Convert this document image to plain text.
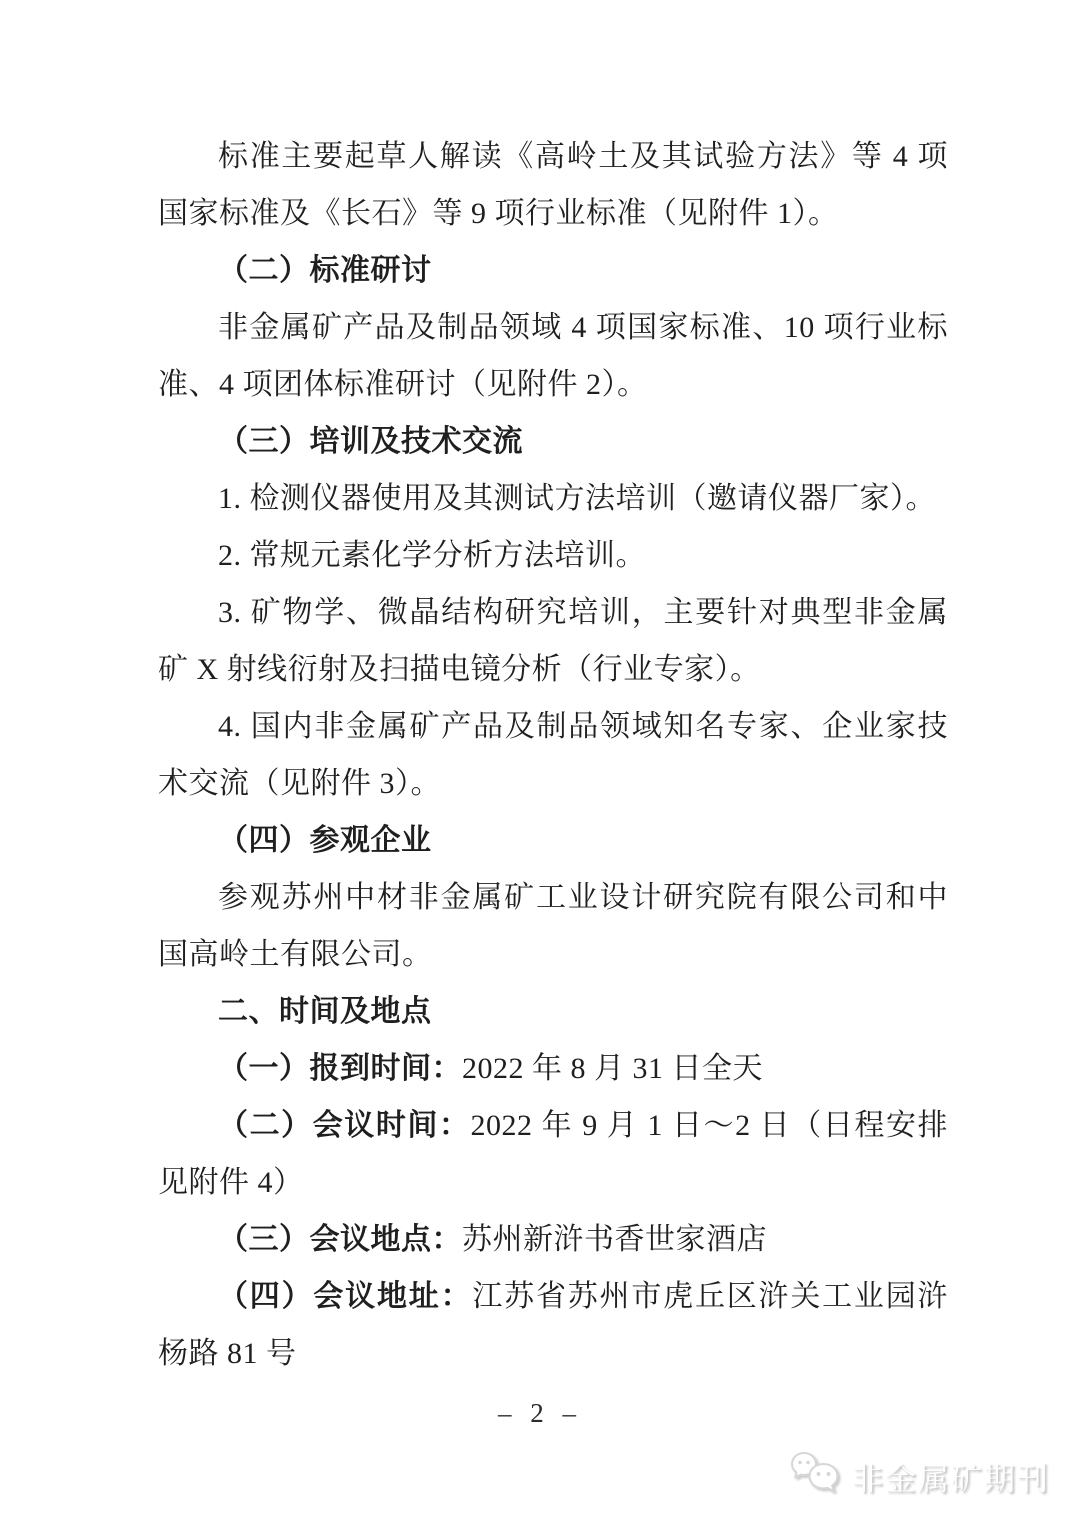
标准主要起草人解读《高岭土及其试验方法》等 4 项国家标准及《长石》等 9 项行业标准（见附件 1）。

（二）标准研讨

非金属矿产品及制品领域 4 项国家标准、10 项行业标准、4 项团体标准研讨（见附件 2）。

（三）培训及技术交流

1. 检测仪器使用及其测试方法培训（邀请仪器厂家）。

2. 常规元素化学分析方法培训。

3. 矿物学、微晶结构研究培训，主要针对典型非金属矿 X 射线衍射及扫描电镜分析（行业专家）。

4. 国内非金属矿产品及制品领域知名专家、企业家技术交流（见附件 3）。

（四）参观企业

参观苏州中材非金属矿工业设计研究院有限公司和中国高岭土有限公司。

二、时间及地点

（一）报到时间：2022 年 8 月 31 日全天

（二）会议时间：2022 年 9 月 1 日～2 日（日程安排见附件 4）

（三）会议地点：苏州新浒书香世家酒店

（四）会议地址：江苏省苏州市虎丘区浒关工业园浒杨路 81 号

– 2 –
非金属矿期刊
